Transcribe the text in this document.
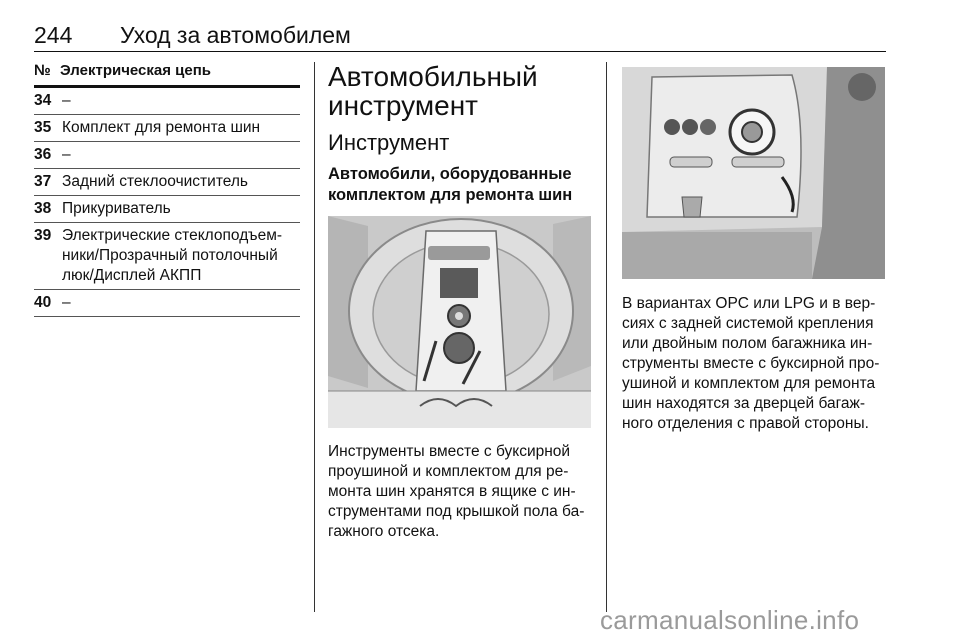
244 Уход за автомобилем
№ Электрическая цепь
34 –
35 Комплект для ремонта шин
36 –
37 Задний стеклоочиститель
38 Прикуриватель
39 Электрические стеклоподъем-
ники/Прозрачный потолочный
люк/Дисплей АКПП
40 –
Автомобильный
инструмент
Инструмент
Автомобили, оборудованные
комплектом для ремонта шин
Инструменты вместе с буксирной
проушиной и комплектом для ре-
монта шин хранятся в ящике с ин-
струментами под крышкой пола ба-
гажного отсека.
В вариантах OPC или LPG и в вер-
сиях с задней системой крепления
или двойным полом багажника ин-
струменты вместе с буксирной про-
ушиной и комплектом для ремонта
шин находятся за дверцей багаж-
ного отделения с правой стороны.
carmanualsonline.info
